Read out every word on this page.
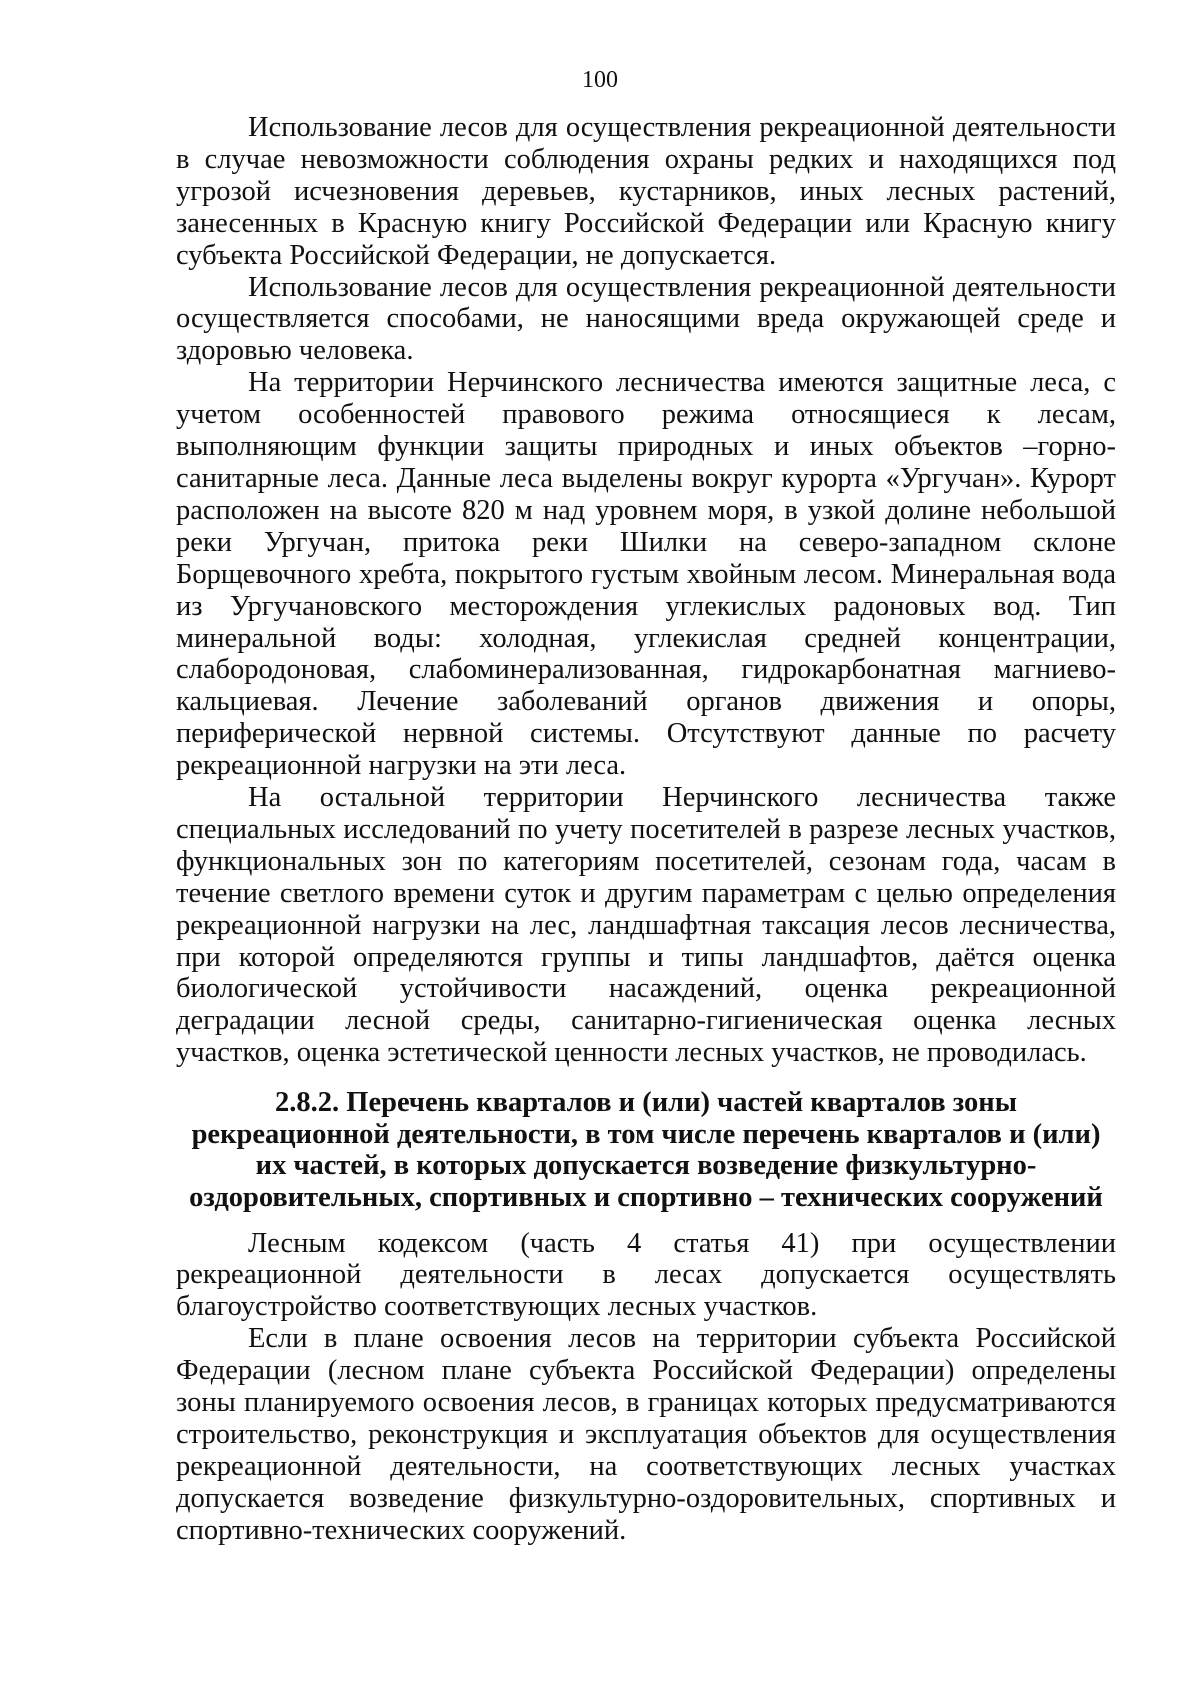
100

Использование лесов для осуществления рекреационной деятельности в случае невозможности соблюдения охраны редких и находящихся под угрозой исчезновения деревьев, кустарников, иных лесных растений, занесенных в Красную книгу Российской Федерации или Красную книгу субъекта Российской Федерации, не допускается.

Использование лесов для осуществления рекреационной деятельности осуществляется способами, не наносящими вреда окружающей среде и здоровью человека.

На территории Нерчинского лесничества имеются защитные леса, с учетом особенностей правового режима относящиеся к лесам, выполняющим функции защиты природных и иных объектов –горно-санитарные леса. Данные леса выделены вокруг курорта «Ургучан». Курорт расположен на высоте 820 м над уровнем моря, в узкой долине небольшой реки Ургучан, притока реки Шилки на северо-западном склоне Борщевочного хребта, покрытого густым хвойным лесом. Минеральная вода из Ургучановского месторождения углекислых радоновых вод. Тип минеральной воды: холодная, углекислая средней концентрации, слабородоновая, слабоминерализованная, гидрокарбонатная магниево-кальциевая. Лечение заболеваний органов движения и опоры, периферической нервной системы. Отсутствуют данные по расчету рекреационной нагрузки на эти леса.

На остальной территории Нерчинского лесничества также специальных исследований по учету посетителей в разрезе лесных участков, функциональных зон по категориям посетителей, сезонам года, часам в течение светлого времени суток и другим параметрам с целью определения рекреационной нагрузки на лес, ландшафтная таксация лесов лесничества, при которой определяются группы и типы ландшафтов, даётся оценка биологической устойчивости насаждений, оценка рекреационной деградации лесной среды, санитарно-гигиеническая оценка лесных участков, оценка эстетической ценности лесных участков, не проводилась.

2.8.2. Перечень кварталов и (или) частей кварталов зоны рекреационной деятельности, в том числе перечень кварталов и (или) их частей, в которых допускается возведение физкультурно-оздоровительных, спортивных и спортивно – технических сооружений

Лесным кодексом (часть 4 статья 41) при осуществлении рекреационной деятельности в лесах допускается осуществлять благоустройство соответствующих лесных участков.

Если в плане освоения лесов на территории субъекта Российской Федерации (лесном плане субъекта Российской Федерации) определены зоны планируемого освоения лесов, в границах которых предусматриваются строительство, реконструкция и эксплуатация объектов для осуществления рекреационной деятельности, на соответствующих лесных участках допускается возведение физкультурно-оздоровительных, спортивных и спортивно-технических сооружений.
